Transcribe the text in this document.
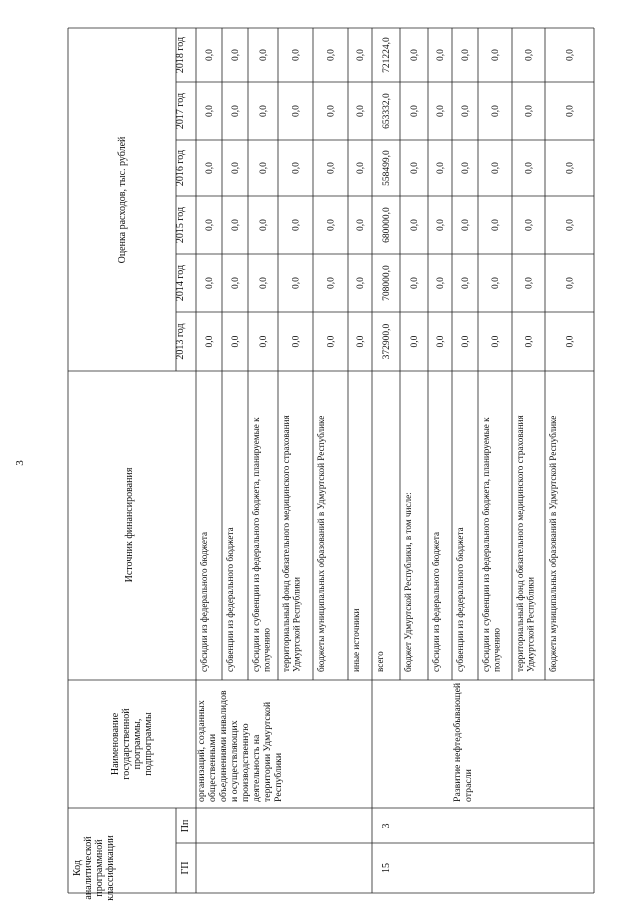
3
Коданалитическойпрограммнойклассификации	ГП
Пп
Наименованиегосударственнойпрограммы,подпрограммы
Источник финансирования
Оценка расходов, тыс. рублей
2013 год
2014 год
2015 год
2016 год
2017 год
2018 год
субсидии из федерального бюджета
0,0
0,0
0,0
0,0
0,0
0,0
субвенции из федерального бюджета
0,0
0,0
0,0
0,0
0,0
0,0
субсидии и субвенции из федерального бюджета, планируемые кполучению
0,0
0,0
0,0
0,0
0,0
0,0
территориальный фонд обязательного медицинского страхованияУдмуртской Республики
0,0
0,0
0,0
0,0
0,0
0,0
бюджеты муниципальных образований в Удмуртской Республике
0,0
0,0
0,0
0,0
0,0
0,0
иные источники
0,0
0,0
0,0
0,0
0,0
0,0
всего
372900,0
708000,0
680000,0
558499,0
653332,0
721224,0
15
3
бюджет Удмуртской Республики, в том числе:
0,0
0,0
0,0
0,0
0,0
0,0
субсидии из федерального бюджета
0,0
0,0
0,0
0,0
0,0
0,0
субвенции из федерального бюджета
0,0
0,0
0,0
0,0
0,0
0,0
субсидии и субвенции из федерального бюджета, планируемые кполучению
0,0
0,0
0,0
0,0
0,0
0,0
территориальный фонд обязательного медицинского страхованияУдмуртской Республики
0,0
0,0
0,0
0,0
0,0
0,0
бюджеты муниципальных образований в Удмуртской Республике
0,0
0,0
0,0
0,0
0,0
0,0
организаций, созданныхобщественнымиобъединениями инвалидови осуществляющихпроизводственнуюдеятельность натерритории УдмуртскойРеспублики	Развитие нефтедобывающейотрасли
